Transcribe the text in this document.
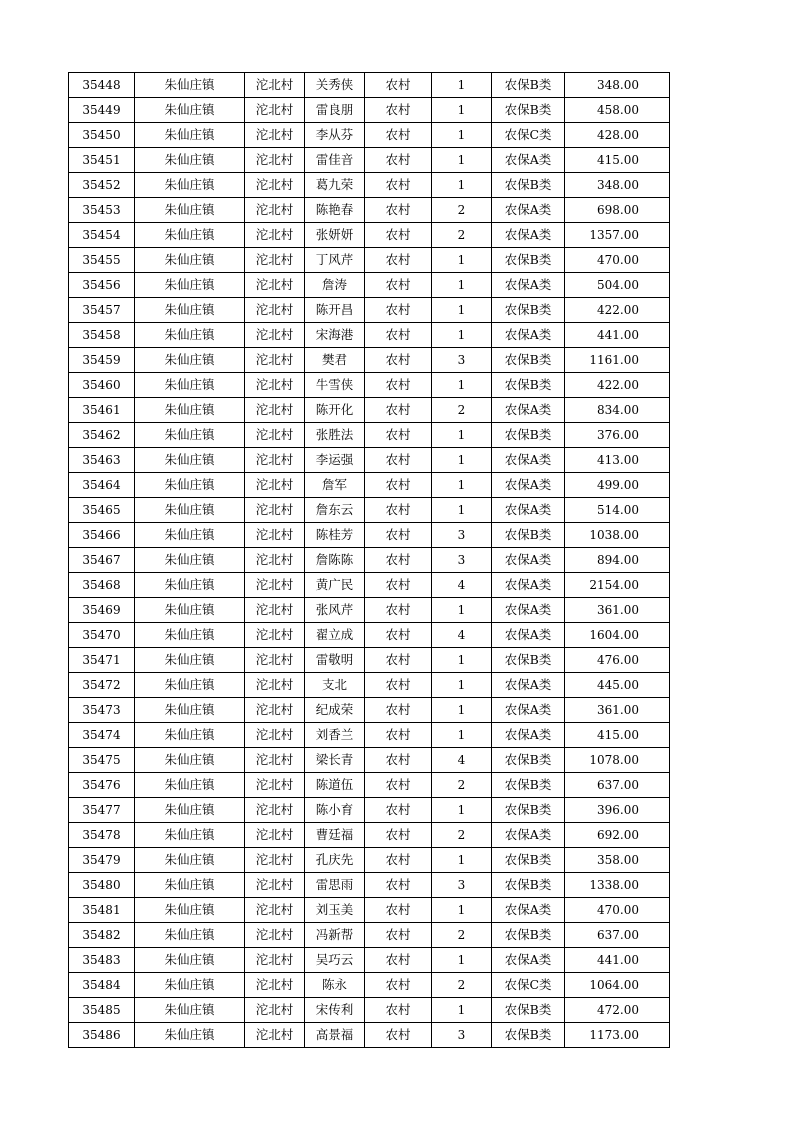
35448	朱仙庄镇	沱北村	关秀侠	农村	1	农保B类	348.00
35449	朱仙庄镇	沱北村	雷良朋	农村	1	农保B类	458.00
35450	朱仙庄镇	沱北村	李从芬	农村	1	农保C类	428.00
35451	朱仙庄镇	沱北村	雷佳音	农村	1	农保A类	415.00
35452	朱仙庄镇	沱北村	葛九荣	农村	1	农保B类	348.00
35453	朱仙庄镇	沱北村	陈艳春	农村	2	农保A类	698.00
35454	朱仙庄镇	沱北村	张妍妍	农村	2	农保A类	1357.00
35455	朱仙庄镇	沱北村	丁风芹	农村	1	农保B类	470.00
35456	朱仙庄镇	沱北村	詹涛	农村	1	农保A类	504.00
35457	朱仙庄镇	沱北村	陈开昌	农村	1	农保B类	422.00
35458	朱仙庄镇	沱北村	宋海港	农村	1	农保A类	441.00
35459	朱仙庄镇	沱北村	樊君	农村	3	农保B类	1161.00
35460	朱仙庄镇	沱北村	牛雪侠	农村	1	农保B类	422.00
35461	朱仙庄镇	沱北村	陈开化	农村	2	农保A类	834.00
35462	朱仙庄镇	沱北村	张胜法	农村	1	农保B类	376.00
35463	朱仙庄镇	沱北村	李运强	农村	1	农保A类	413.00
35464	朱仙庄镇	沱北村	詹军	农村	1	农保A类	499.00
35465	朱仙庄镇	沱北村	詹东云	农村	1	农保A类	514.00
35466	朱仙庄镇	沱北村	陈桂芳	农村	3	农保B类	1038.00
35467	朱仙庄镇	沱北村	詹陈陈	农村	3	农保A类	894.00
35468	朱仙庄镇	沱北村	黄广民	农村	4	农保A类	2154.00
35469	朱仙庄镇	沱北村	张风芹	农村	1	农保A类	361.00
35470	朱仙庄镇	沱北村	翟立成	农村	4	农保A类	1604.00
35471	朱仙庄镇	沱北村	雷敬明	农村	1	农保B类	476.00
35472	朱仙庄镇	沱北村	支北	农村	1	农保A类	445.00
35473	朱仙庄镇	沱北村	纪成荣	农村	1	农保A类	361.00
35474	朱仙庄镇	沱北村	刘香兰	农村	1	农保A类	415.00
35475	朱仙庄镇	沱北村	梁长青	农村	4	农保B类	1078.00
35476	朱仙庄镇	沱北村	陈道伍	农村	2	农保B类	637.00
35477	朱仙庄镇	沱北村	陈小育	农村	1	农保B类	396.00
35478	朱仙庄镇	沱北村	曹廷福	农村	2	农保A类	692.00
35479	朱仙庄镇	沱北村	孔庆先	农村	1	农保B类	358.00
35480	朱仙庄镇	沱北村	雷思雨	农村	3	农保B类	1338.00
35481	朱仙庄镇	沱北村	刘玉美	农村	1	农保A类	470.00
35482	朱仙庄镇	沱北村	冯新帮	农村	2	农保B类	637.00
35483	朱仙庄镇	沱北村	吴巧云	农村	1	农保A类	441.00
35484	朱仙庄镇	沱北村	陈永	农村	2	农保C类	1064.00
35485	朱仙庄镇	沱北村	宋传利	农村	1	农保B类	472.00
35486	朱仙庄镇	沱北村	高景福	农村	3	农保B类	1173.00
